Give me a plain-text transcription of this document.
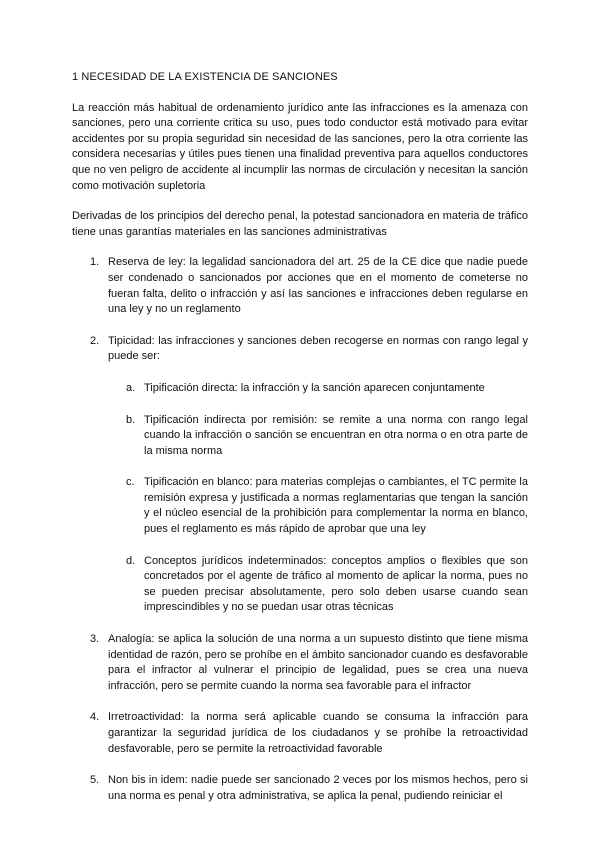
1 NECESIDAD DE LA EXISTENCIA DE SANCIONES

La reacción más habitual de ordenamiento jurídico ante las infracciones es la amenaza con sanciones, pero una corriente critica su uso, pues todo conductor está motivado para evitar accidentes por su propia seguridad sin necesidad de las sanciones, pero la otra corriente las considera necesarias y útiles pues tienen una finalidad preventiva para aquellos conductores que no ven peligro de accidente al incumplir las normas de circulación y necesitan la sanción como motivación supletoria

Derivadas de los principios del derecho penal, la potestad sancionadora en materia de tráfico tiene unas garantías materiales en las sanciones administrativas

1. Reserva de ley: la legalidad sancionadora del art. 25 de la CE dice que nadie puede ser condenado o sancionados por acciones que en el momento de cometerse no fueran falta, delito o infracción y así las sanciones e infracciones deben regularse en una ley y no un reglamento
2. Tipicidad: las infracciones y sanciones deben recogerse en normas con rango legal y puede ser:
a. Tipificación directa: la infracción y la sanción aparecen conjuntamente
b. Tipificación indirecta por remisión: se remite a una norma con rango legal cuando la infracción o sanción se encuentran en otra norma o en otra parte de la misma norma
c. Tipificación en blanco: para materias complejas o cambiantes, el TC permite la remisión expresa y justificada a normas reglamentarias que tengan la sanción y el núcleo esencial de la prohibición para complementar la norma en blanco, pues el reglamento es más rápido de aprobar que una ley
d. Conceptos jurídicos indeterminados: conceptos amplios o flexibles que son concretados por el agente de tráfico al momento de aplicar la norma, pues no se pueden precisar absolutamente, pero solo deben usarse cuando sean imprescindibles y no se puedan usar otras técnicas
3. Analogía: se aplica la solución de una norma a un supuesto distinto que tiene misma identidad de razón, pero se prohíbe en el ámbito sancionador cuando es desfavorable para el infractor al vulnerar el principio de legalidad, pues se crea una nueva infracción, pero se permite cuando la norma sea favorable para el infractor
4. Irretroactividad: la norma será aplicable cuando se consuma la infracción para garantizar la seguridad jurídica de los ciudadanos y se prohíbe la retroactividad desfavorable, pero se permite la retroactividad favorable
5. Non bis in idem: nadie puede ser sancionado 2 veces por los mismos hechos, pero si una norma es penal y otra administrativa, se aplica la penal, pudiendo reiniciar el
